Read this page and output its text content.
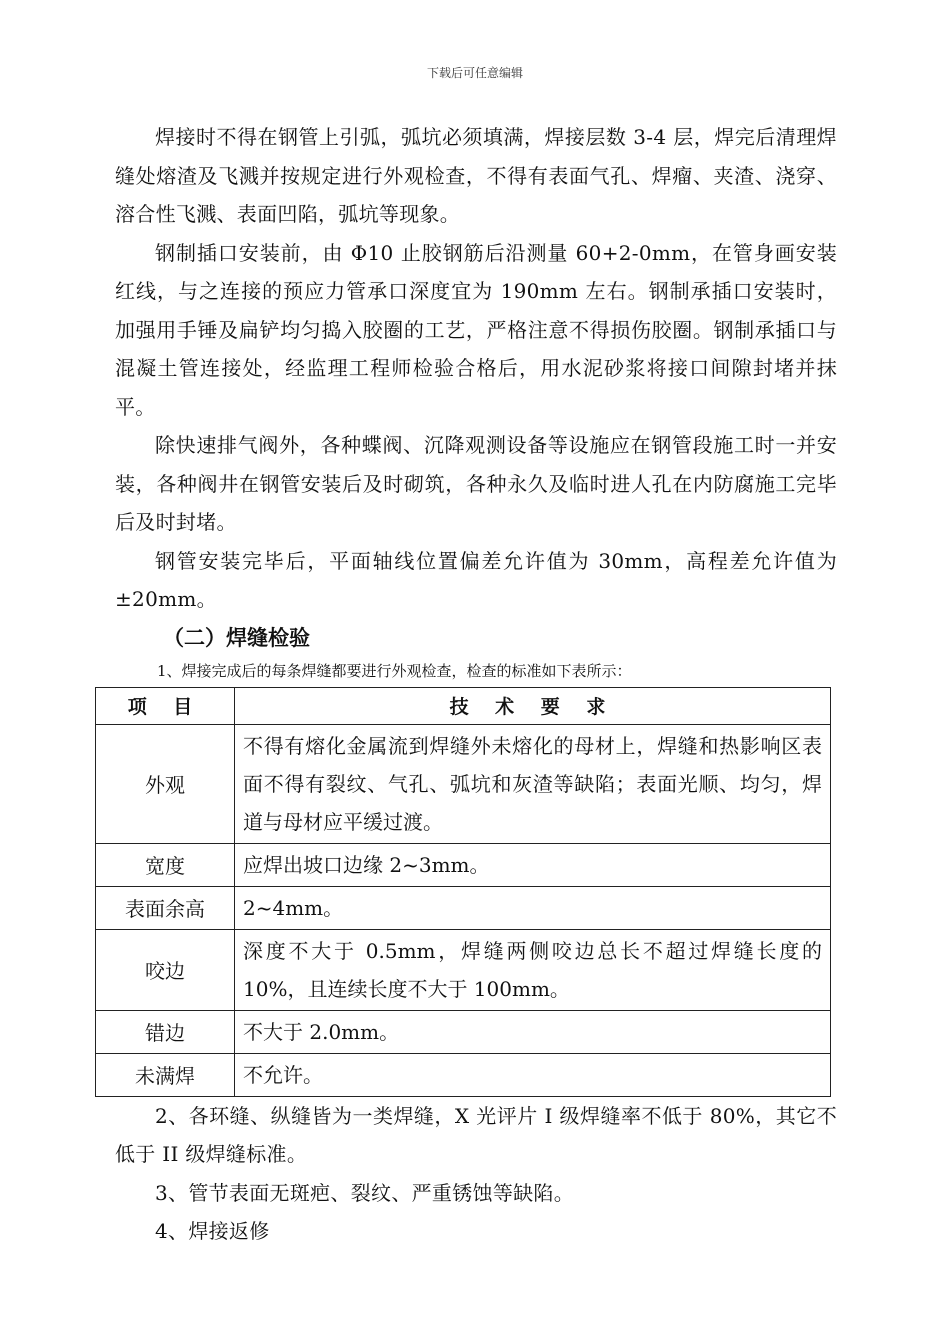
下载后可任意编辑

焊接时不得在钢管上引弧，弧坑必须填满，焊接层数 3-4 层，焊完后清理焊缝处熔渣及飞溅并按规定进行外观检查，不得有表面气孔、焊瘤、夹渣、浇穿、溶合性飞溅、表面凹陷，弧坑等现象。

钢制插口安装前，由 Φ10 止胶钢筋后沿测量 60+2-0mm，在管身画安装红线，与之连接的预应力管承口深度宜为 190mm 左右。钢制承插口安装时， 加强用手锤及扁铲均匀捣入胶圈的工艺，严格注意不得损伤胶圈。钢制承插口与混凝土管连接处，经监理工程师检验合格后，用水泥砂浆将接口间隙封堵并抹平。

除快速排气阀外，各种蝶阀、沉降观测设备等设施应在钢管段施工时一并安装，各种阀井在钢管安装后及时砌筑，各种永久及临时进人孔在内防腐施工完毕后及时封堵。

钢管安装完毕后，平面轴线位置偏差允许值为 30mm，高程差允许值为±20mm。

（二）焊缝检验

1、焊接完成后的每条焊缝都要进行外观检查，检查的标准如下表所示：

项 目	技 术 要 求
外观	不得有熔化金属流到焊缝外未熔化的母材上，焊缝和热影响区表面不得有裂纹、气孔、弧坑和灰渣等缺陷；表面光顺、均匀，焊道与母材应平缓过渡。
宽度	应焊出坡口边缘 2~3mm。
表面余高	2~4mm。
咬边	深度不大于 0.5mm，焊缝两侧咬边总长不超过焊缝长度的 10%，且连续长度不大于 100mm。
错边	不大于 2.0mm。
未满焊	不允许。

2、各环缝、纵缝皆为一类焊缝，X 光评片 I 级焊缝率不低于 80%，其它不低于 II 级焊缝标准。

3、管节表面无斑疤、裂纹、严重锈蚀等缺陷。

4、焊接返修
